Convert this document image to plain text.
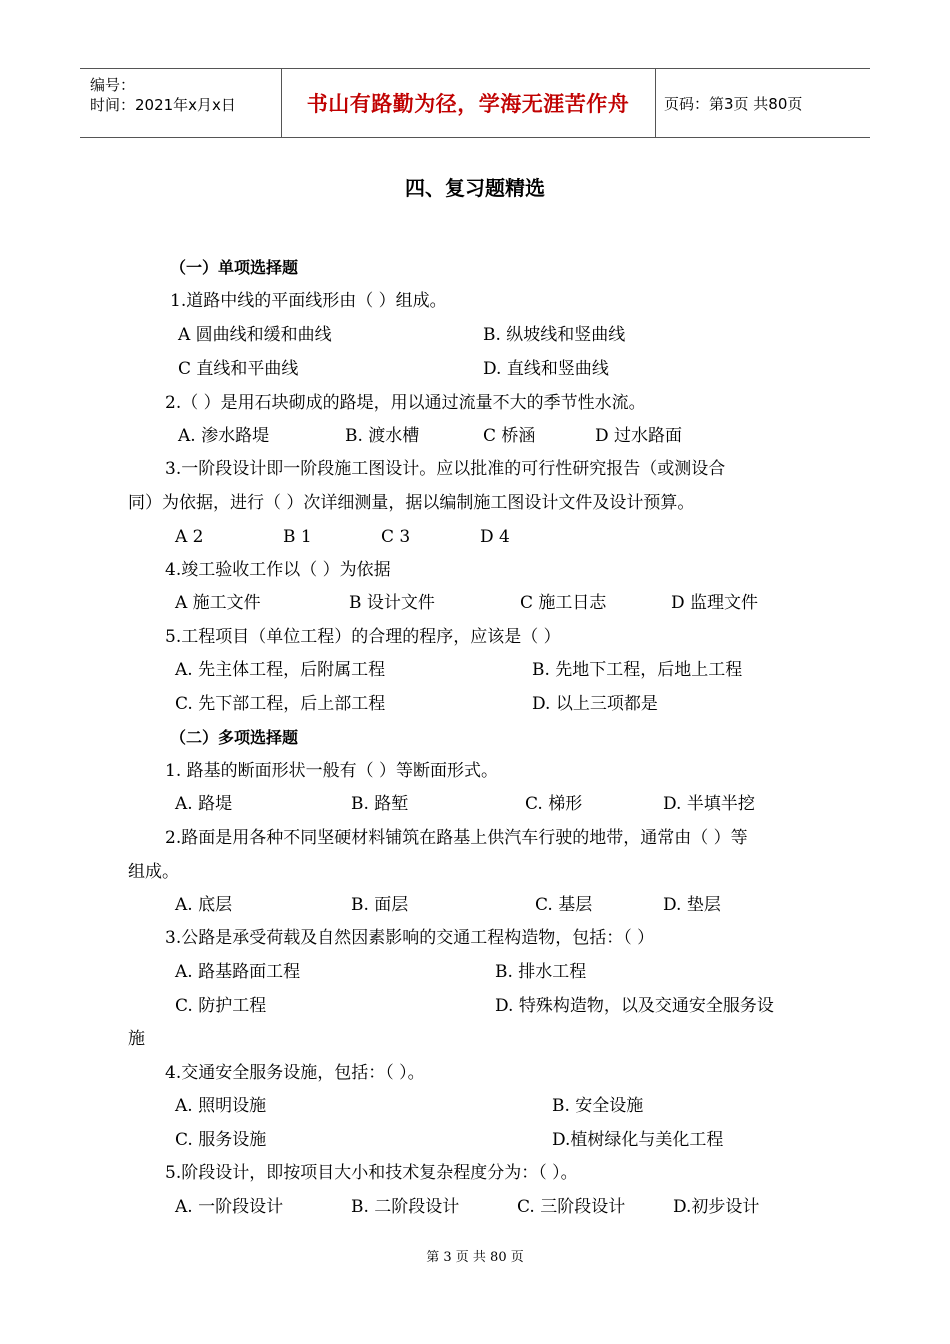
编号：
时间：2021年x月x日	书山有路勤为径，学海无涯苦作舟	页码：第3页 共80页
四、复习题精选
（一）单项选择题
1.道路中线的平面线形由（ ）组成。
A 圆曲线和缓和曲线	B. 纵坡线和竖曲线
C 直线和平曲线	D. 直线和竖曲线
2.（ ）是用石块砌成的路堤，用以通过流量不大的季节性水流。
A. 渗水路堤	B. 渡水槽	C 桥涵	D 过水路面
3.一阶段设计即一阶段施工图设计。应以批准的可行性研究报告（或测设合
同）为依据，进行（ ）次详细测量，据以编制施工图设计文件及设计预算。
A 2	B 1	C 3	D 4
4.竣工验收工作以（ ）为依据
A 施工文件	B 设计文件	C 施工日志	D 监理文件
5.工程项目（单位工程）的合理的程序，应该是（ ）
A. 先主体工程，后附属工程	B. 先地下工程，后地上工程
C. 先下部工程，后上部工程	D. 以上三项都是
（二）多项选择题
1. 路基的断面形状一般有（ ）等断面形式。
A. 路堤	B. 路堑	C. 梯形	D. 半填半挖
2.路面是用各种不同坚硬材料铺筑在路基上供汽车行驶的地带，通常由（ ）等
组成。
A. 底层	B. 面层	C. 基层	D. 垫层
3.公路是承受荷载及自然因素影响的交通工程构造物，包括：（ ）
A. 路基路面工程	B. 排水工程
C. 防护工程	D. 特殊构造物，以及交通安全服务设
施
4.交通安全服务设施，包括：（ ）。
A. 照明设施	B. 安全设施
C. 服务设施	D.植树绿化与美化工程
5.阶段设计，即按项目大小和技术复杂程度分为：（ ）。
A. 一阶段设计	B. 二阶段设计	C. 三阶段设计	D.初步设计
第 3 页 共 80 页
